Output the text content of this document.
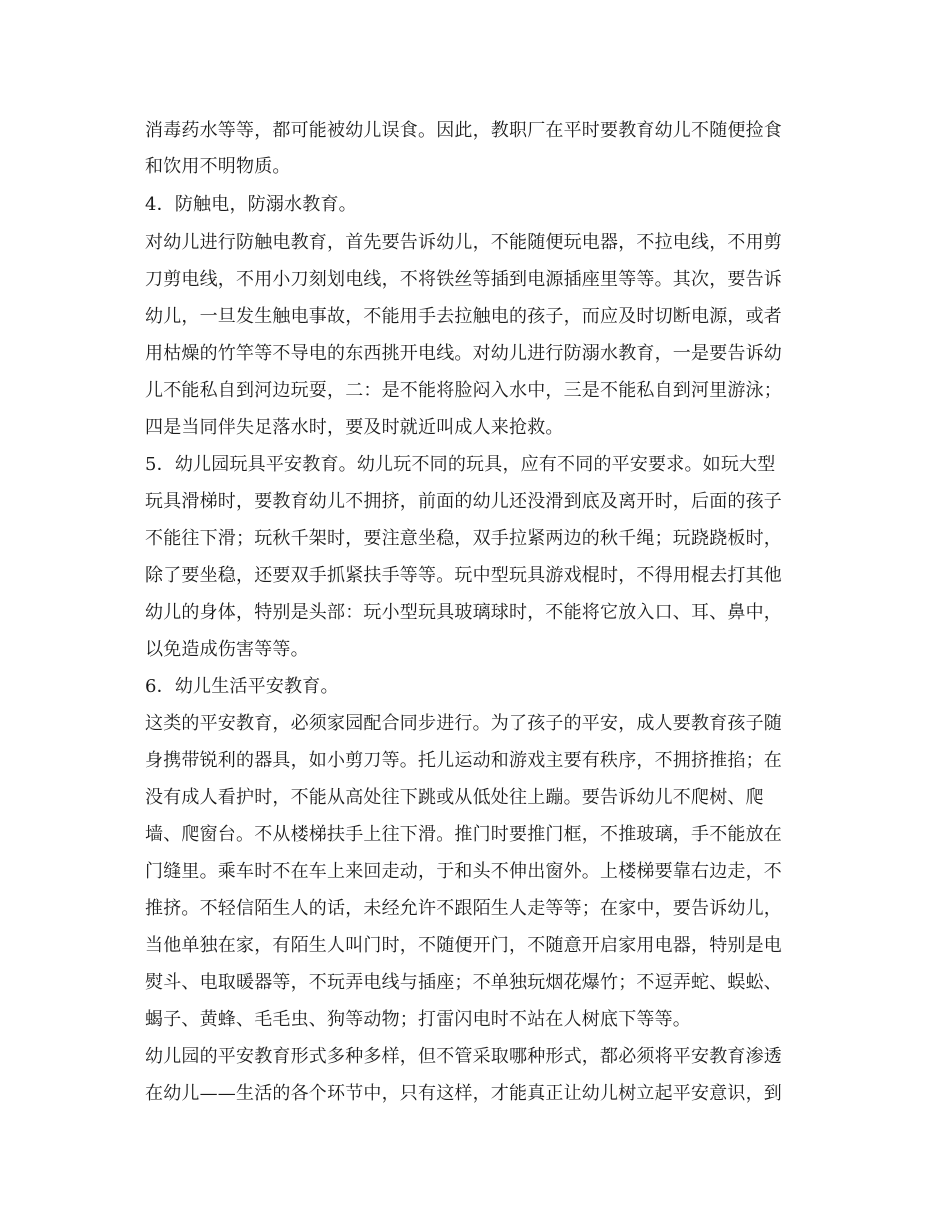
消毒药水等等，都可能被幼儿误食。因此，教职厂在平时要教育幼儿不随便捡食
和饮用不明物质。
4．防触电，防溺水教育。
对幼儿进行防触电教育，首先要告诉幼儿，不能随便玩电器，不拉电线，不用剪
刀剪电线，不用小刀刻划电线，不将铁丝等插到电源插座里等等。其次，要告诉
幼儿，一旦发生触电事故，不能用手去拉触电的孩子，而应及时切断电源，或者
用枯燥的竹竿等不导电的东西挑开电线。对幼儿进行防溺水教育，一是要告诉幼
儿不能私自到河边玩耍，二：是不能将脸闷入水中，三是不能私自到河里游泳；
四是当同伴失足落水时，要及时就近叫成人来抢救。
5．幼儿园玩具平安教育。幼儿玩不同的玩具，应有不同的平安要求。如玩大型
玩具滑梯时，要教育幼儿不拥挤，前面的幼儿还没滑到底及离开时，后面的孩子
不能往下滑；玩秋千架时，要注意坐稳，双手拉紧两边的秋千绳；玩跷跷板时，
除了要坐稳，还要双手抓紧扶手等等。玩中型玩具游戏棍时，不得用棍去打其他
幼儿的身体，特别是头部：玩小型玩具玻璃球时，不能将它放入口、耳、鼻中，
以免造成伤害等等。
6．幼儿生活平安教育。
这类的平安教育，必须家园配合同步进行。为了孩子的平安，成人要教育孩子随
身携带锐利的器具，如小剪刀等。托儿运动和游戏主要有秩序，不拥挤推掐；在
没有成人看护时，不能从高处往下跳或从低处往上蹦。要告诉幼儿不爬树、爬
墙、爬窗台。不从楼梯扶手上往下滑。推门时要推门框，不推玻璃，手不能放在
门缝里。乘车时不在车上来回走动，于和头不伸出窗外。上楼梯要靠右边走，不
推挤。不轻信陌生人的话，未经允许不跟陌生人走等等；在家中，要告诉幼儿，
当他单独在家，有陌生人叫门时，不随便开门，不随意开启家用电器，特别是电
熨斗、电取暖器等，不玩弄电线与插座；不单独玩烟花爆竹；不逗弄蛇、蜈蚣、
蝎子、黄蜂、毛毛虫、狗等动物；打雷闪电时不站在人树底下等等。
幼儿园的平安教育形式多种多样，但不管采取哪种形式，都必须将平安教育渗透
在幼儿——生活的各个环节中，只有这样，才能真正让幼儿树立起平安意识，到
